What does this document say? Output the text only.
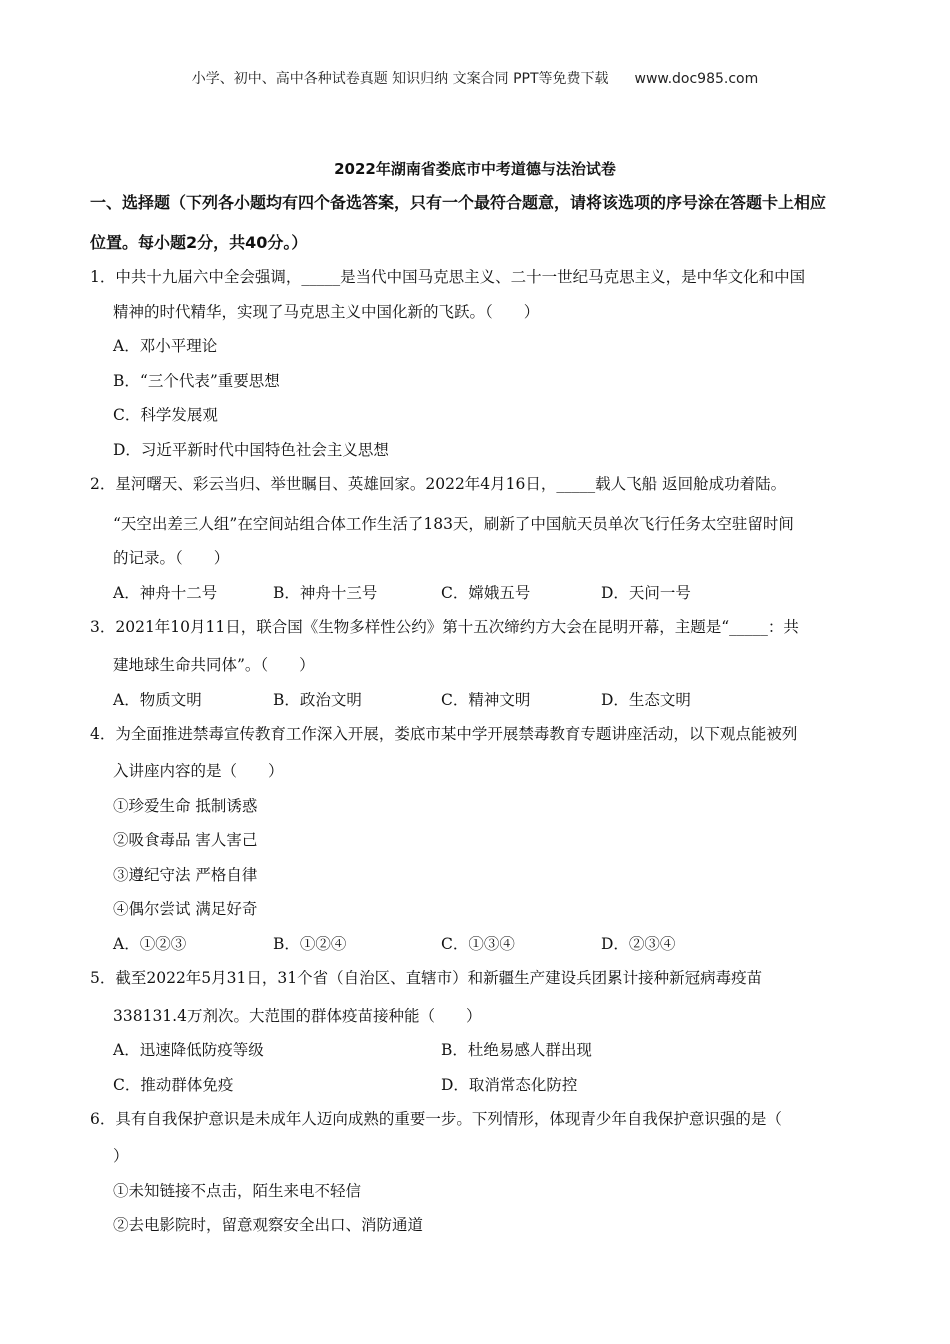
小学、初中、高中各种试卷真题 知识归纳 文案合同 PPT等免费下载 www.doc985.com
2022年湖南省娄底市中考道德与法治试卷
一、选择题（下列各小题均有四个备选答案，只有一个最符合题意，请将该选项的序号涂在答题卡上相应
位置。每小题2分，共40分。）
1．中共十九届六中全会强调，_____是当代中国马克思主义、二十一世纪马克思主义，是中华文化和中国
精神的时代精华，实现了马克思主义中国化新的飞跃。（　　）
A．邓小平理论
B．“三个代表”重要思想
C．科学发展观
D．习近平新时代中国特色社会主义思想
2．星河曙天、彩云当归、举世瞩目、英雄回家。2022年4月16日，_____载人飞船 返回舱成功着陆。
“天空出差三人组”在空间站组合体工作生活了183天，刷新了中国航天员单次飞行任务太空驻留时间
的记录。（　　）
A．神舟十二号	B．神舟十三号	C．嫦娥五号	D．天问一号
3．2021年10月11日，联合国《生物多样性公约》第十五次缔约方大会在昆明开幕，主题是“_____：共
建地球生命共同体”。（　　）
A．物质文明	B．政治文明	C．精神文明	D．生态文明
4．为全面推进禁毒宣传教育工作深入开展，娄底市某中学开展禁毒教育专题讲座活动，以下观点能被列
入讲座内容的是（　　）
①珍爱生命 抵制诱惑
②吸食毒品 害人害己
③遵纪守法 严格自律
④偶尔尝试 满足好奇
A．①②③	B．①②④	C．①③④	D．②③④
5．截至2022年5月31日，31个省（自治区、直辖市）和新疆生产建设兵团累计接种新冠病毒疫苗
338131.4万剂次。大范围的群体疫苗接种能（　　）
A．迅速降低防疫等级	B．杜绝易感人群出现
C．推动群体免疫	D．取消常态化防控
6．具有自我保护意识是未成年人迈向成熟的重要一步。下列情形，体现青少年自我保护意识强的是（
）
①未知链接不点击，陌生来电不轻信
②去电影院时，留意观察安全出口、消防通道
